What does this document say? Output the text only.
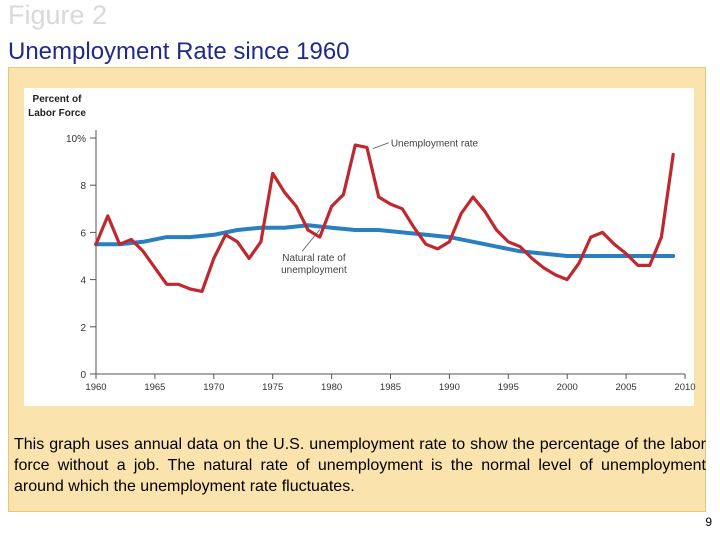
Figure 2
Unemployment Rate since 1960
0
2
4
6
8
10%
1960	1965	1970	1975	1980	1985	1990	1995	2000	2005	2010
Percent of
Labor Force
Unemployment rate
Natural rate of
unemployment
This graph uses annual data on the U.S. unemployment rate to show the percentage of the labor force without a job. The natural rate of unemployment is the normal level of unemployment around which the unemployment rate fluctuates.
9
